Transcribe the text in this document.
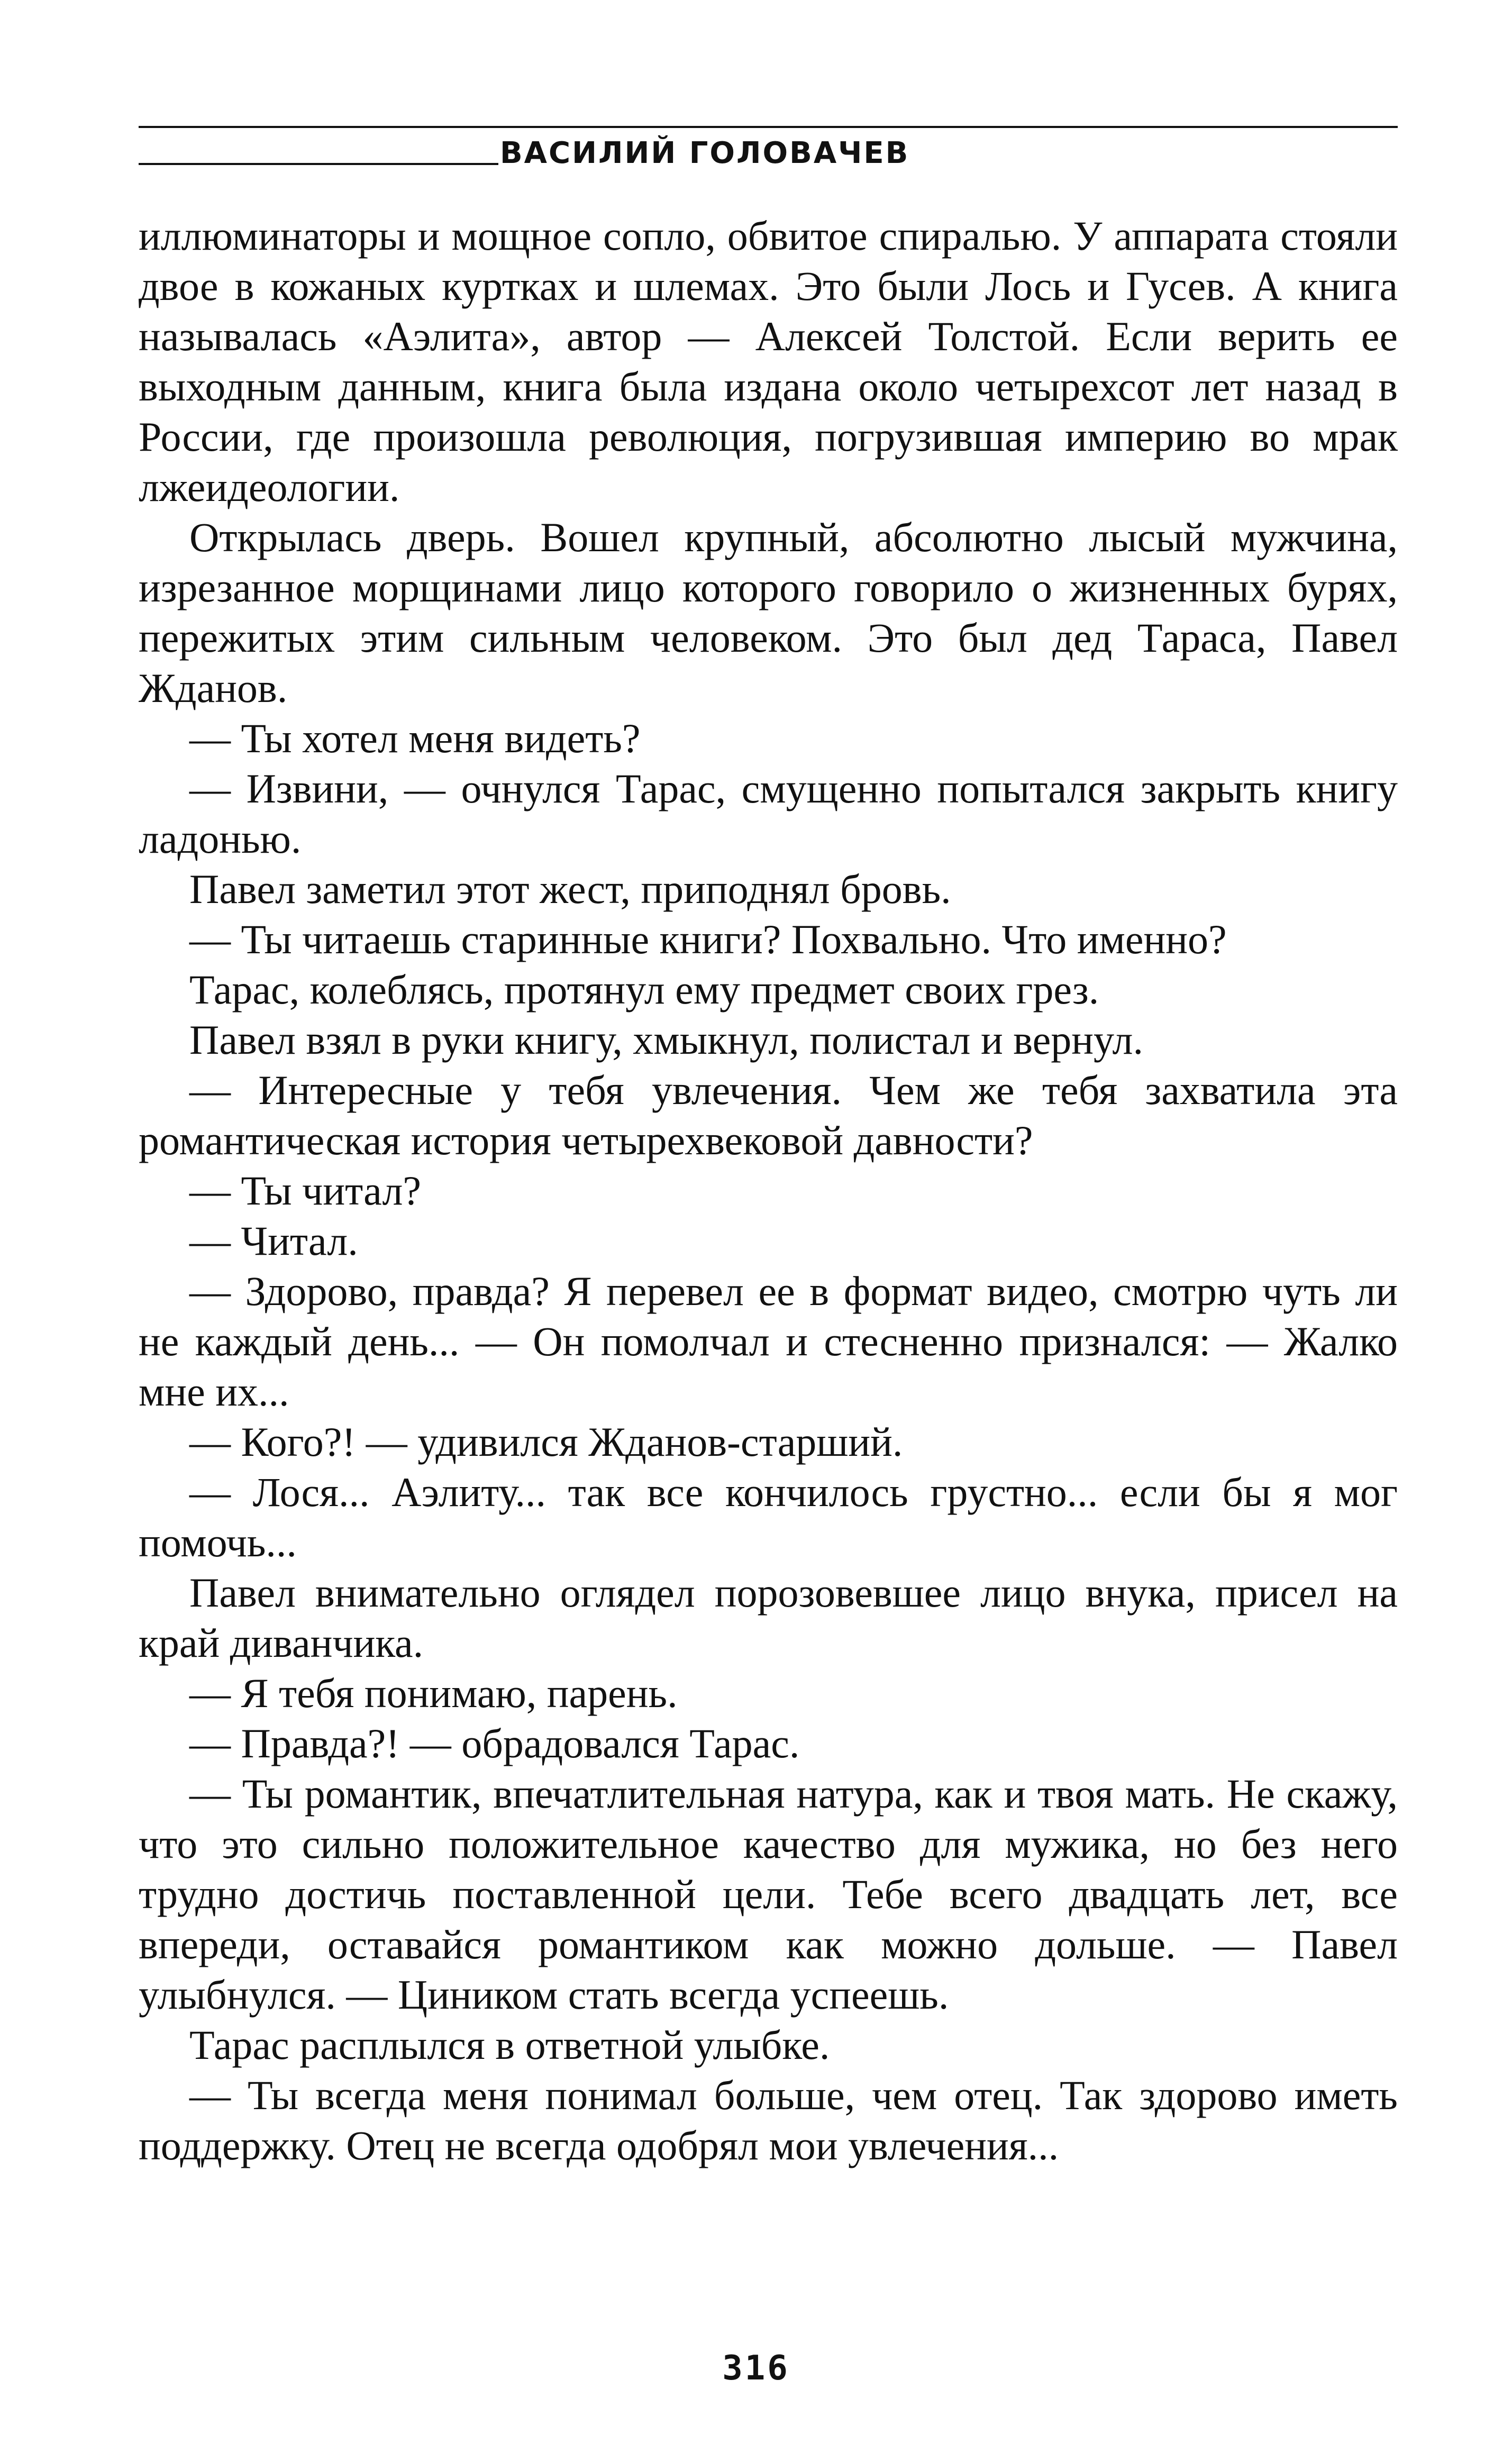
ВАСИЛИЙ ГОЛОВАЧЕВ

иллюминаторы и мощное сопло, обвитое спиралью. У аппарата стояли двое в кожаных куртках и шлемах. Это были Лось и Гусев. А книга называлась «Аэлита», автор — Алексей Толстой. Если верить ее выходным данным, книга была издана около четырехсот лет назад в России, где произошла революция, погрузившая империю во мрак лжеидеологии.

Открылась дверь. Вошел крупный, абсолютно лысый мужчина, изрезанное морщинами лицо которого говорило о жизненных бурях, пережитых этим сильным человеком. Это был дед Тараса, Павел Жданов.

— Ты хотел меня видеть?

— Извини, — очнулся Тарас, смущенно попытался закрыть книгу ладонью.

Павел заметил этот жест, приподнял бровь.

— Ты читаешь старинные книги? Похвально. Что именно?

Тарас, колеблясь, протянул ему предмет своих грез.

Павел взял в руки книгу, хмыкнул, полистал и вернул.

— Интересные у тебя увлечения. Чем же тебя захватила эта романтическая история четырехвековой давности?

— Ты читал?

— Читал.

— Здорово, правда? Я перевел ее в формат видео, смотрю чуть ли не каждый день... — Он помолчал и стесненно признался: — Жалко мне их...

— Кого?! — удивился Жданов-старший.

— Лося... Аэлиту... так все кончилось грустно... если бы я мог помочь...

Павел внимательно оглядел порозовевшее лицо внука, присел на край диванчика.

— Я тебя понимаю, парень.

— Правда?! — обрадовался Тарас.

— Ты романтик, впечатлительная натура, как и твоя мать. Не скажу, что это сильно положительное качество для мужика, но без него трудно достичь поставленной цели. Тебе всего двадцать лет, все впереди, оставайся романтиком как можно дольше. — Павел улыбнулся. — Циником стать всегда успеешь.

Тарас расплылся в ответной улыбке.

— Ты всегда меня понимал больше, чем отец. Так здорово иметь поддержку. Отец не всегда одобрял мои увлечения...

316
